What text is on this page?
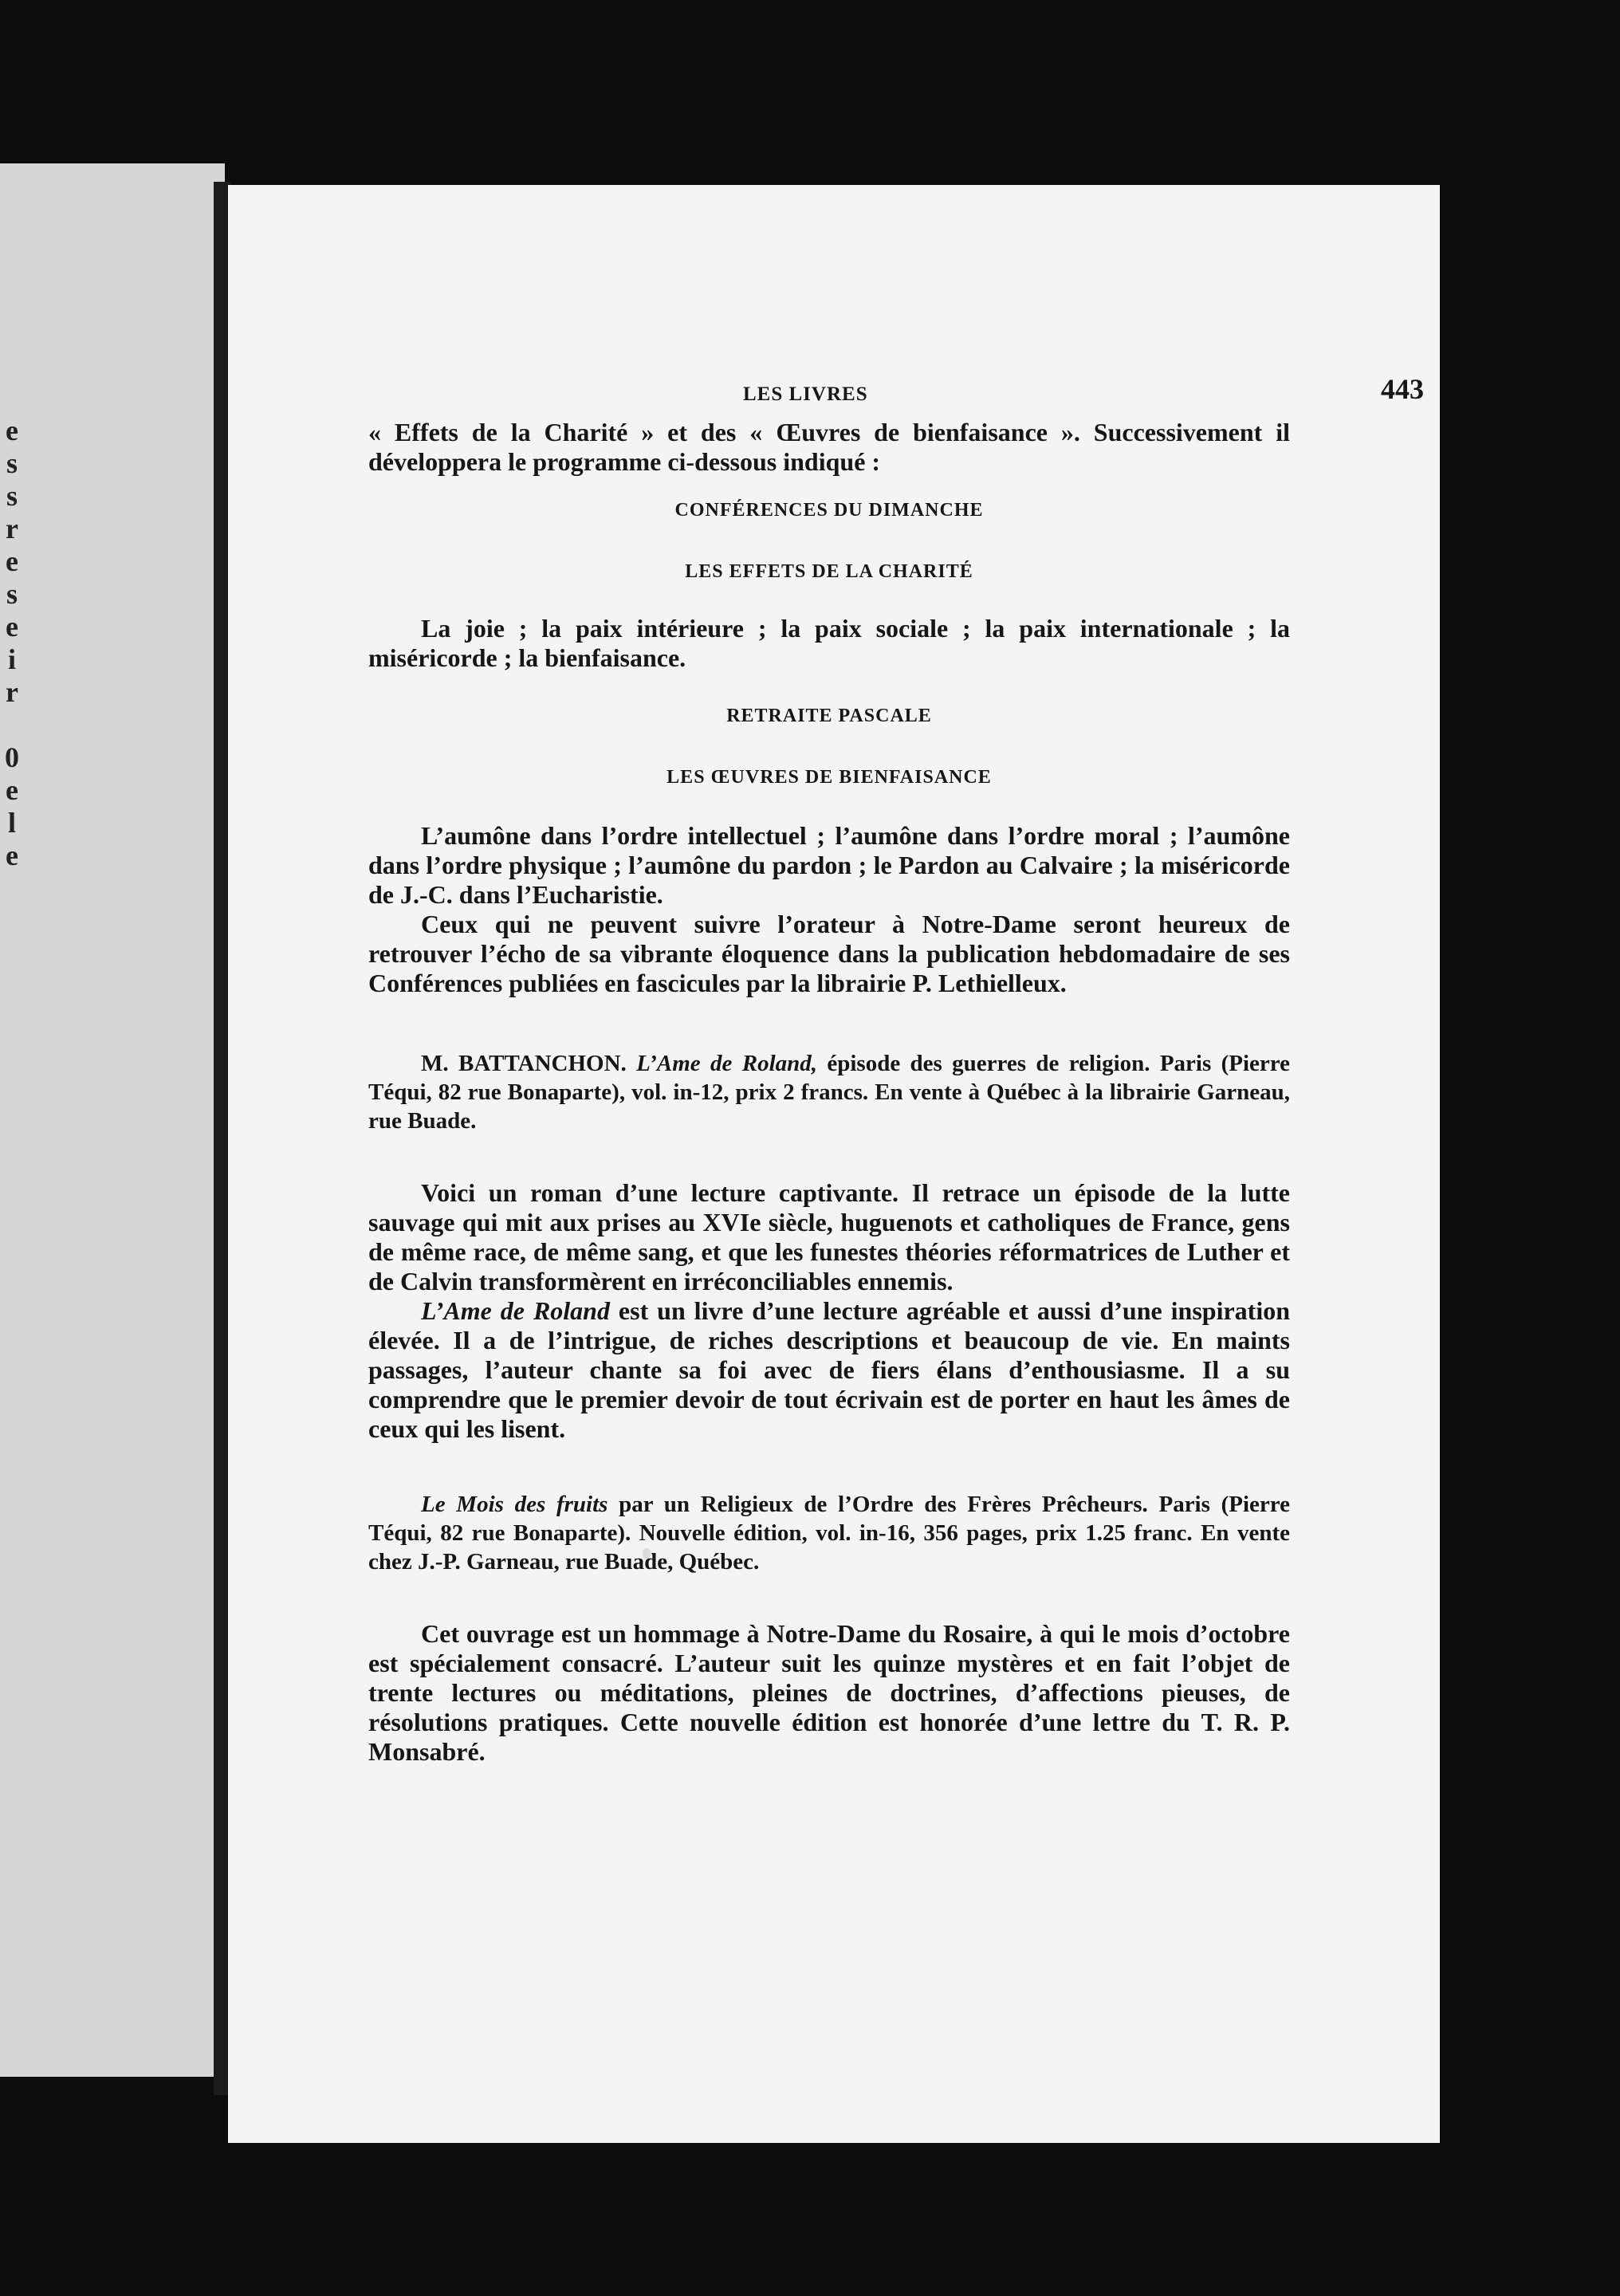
e
s
s
r
e
s
e
i
r

0
e
l
e
LES LIVRES	443

« Effets de la Charité » et des « Œuvres de bienfaisance ». Successivement il développera le programme ci-dessous indiqué :

CONFÉRENCES DU DIMANCHE
LES EFFETS DE LA CHARITÉ

La joie ; la paix intérieure ; la paix sociale ; la paix internationale ; la miséricorde ; la bienfaisance.

RETRAITE PASCALE
LES ŒUVRES DE BIENFAISANCE

L’aumône dans l’ordre intellectuel ; l’aumône dans l’ordre moral ; l’aumône dans l’ordre physique ; l’aumône du pardon ; le Pardon au Calvaire ; la miséricorde de J.-C. dans l’Eucharistie.

Ceux qui ne peuvent suivre l’orateur à Notre-Dame seront heureux de retrouver l’écho de sa vibrante éloquence dans la publication hebdomadaire de ses Conférences publiées en fascicules par la librairie P. Lethielleux.

M. BATTANCHON. L’Ame de Roland, épisode des guerres de religion. Paris (Pierre Téqui, 82 rue Bonaparte), vol. in-12, prix 2 francs. En vente à Québec à la librairie Garneau, rue Buade.

Voici un roman d’une lecture captivante. Il retrace un épisode de la lutte sauvage qui mit aux prises au XVIe siècle, huguenots et catholiques de France, gens de même race, de même sang, et que les funestes théories réformatrices de Luther et de Calvin transformèrent en irréconciliables ennemis.

L’Ame de Roland est un livre d’une lecture agréable et aussi d’une inspiration élevée. Il a de l’intrigue, de riches descriptions et beaucoup de vie. En maints passages, l’auteur chante sa foi avec de fiers élans d’enthousiasme. Il a su comprendre que le premier devoir de tout écrivain est de porter en haut les âmes de ceux qui les lisent.

Le Mois des fruits par un Religieux de l’Ordre des Frères Prêcheurs. Paris (Pierre Téqui, 82 rue Bonaparte). Nouvelle édition, vol. in-16, 356 pages, prix 1.25 franc. En vente chez J.-P. Garneau, rue Buade, Québec.

Cet ouvrage est un hommage à Notre-Dame du Rosaire, à qui le mois d’octobre est spécialement consacré. L’auteur suit les quinze mystères et en fait l’objet de trente lectures ou méditations, pleines de doctrines, d’affections pieuses, de résolutions pratiques. Cette nouvelle édition est honorée d’une lettre du T. R. P. Monsabré.
